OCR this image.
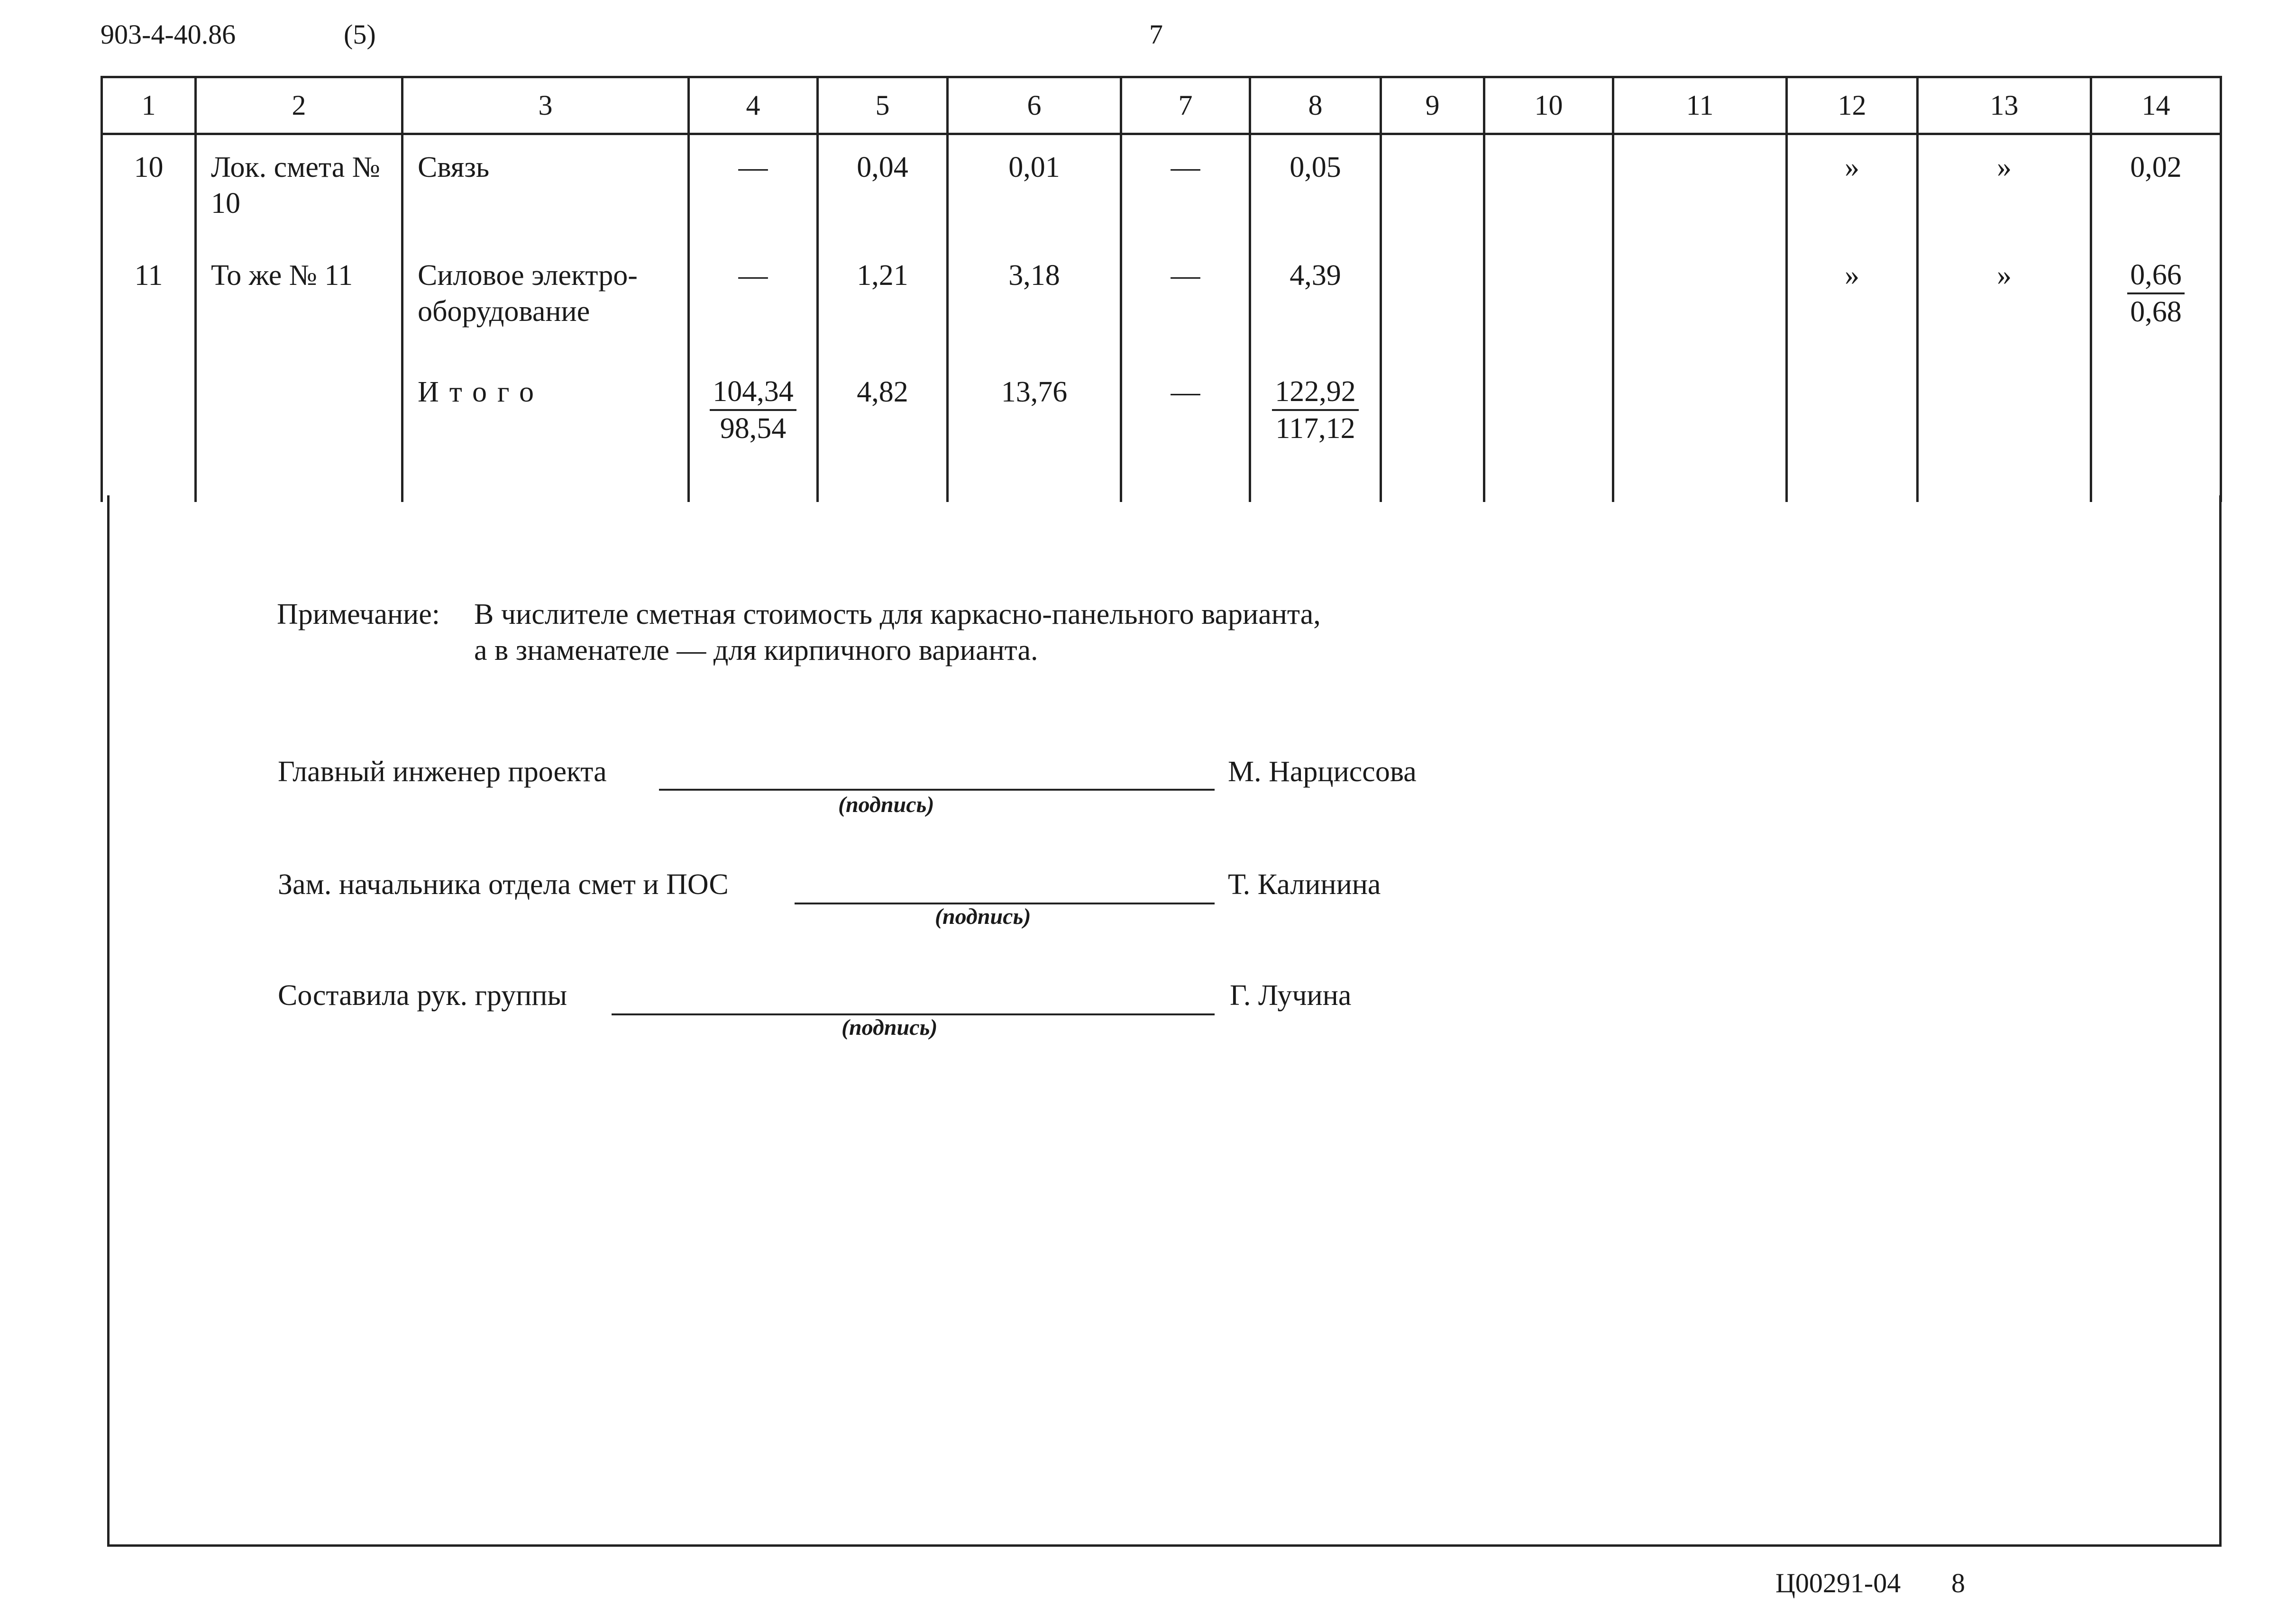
903-4-40.86	(5)	7
1	2	3	4	5	6	7	8	9	10	11	12	13	14
10	Лок. смета № 10	Связь	—	0,04	0,01	—	0,05				»	»	0,02
11	То же № 11	Силовое электро-оборудование	—	1,21	3,18	—	4,39				»	»	$\frac{0,66}{0,68}$

		Итого	$\frac{104,34}{98,54}$	4,82	13,76	—	$\frac{122,92}{117,12}$

Примечание: В числителе сметная стоимость для каркасно-панельного варианта,
а в знаменателе — для кирпичного варианта.
Главный инженер проекта	М. Нарциссова
(подпись)
Зам. начальника отдела смет и ПОС	Т. Калинина
(подпись)
Составила рук. группы	Г. Лучина
(подпись)
Ц00291-04 8
